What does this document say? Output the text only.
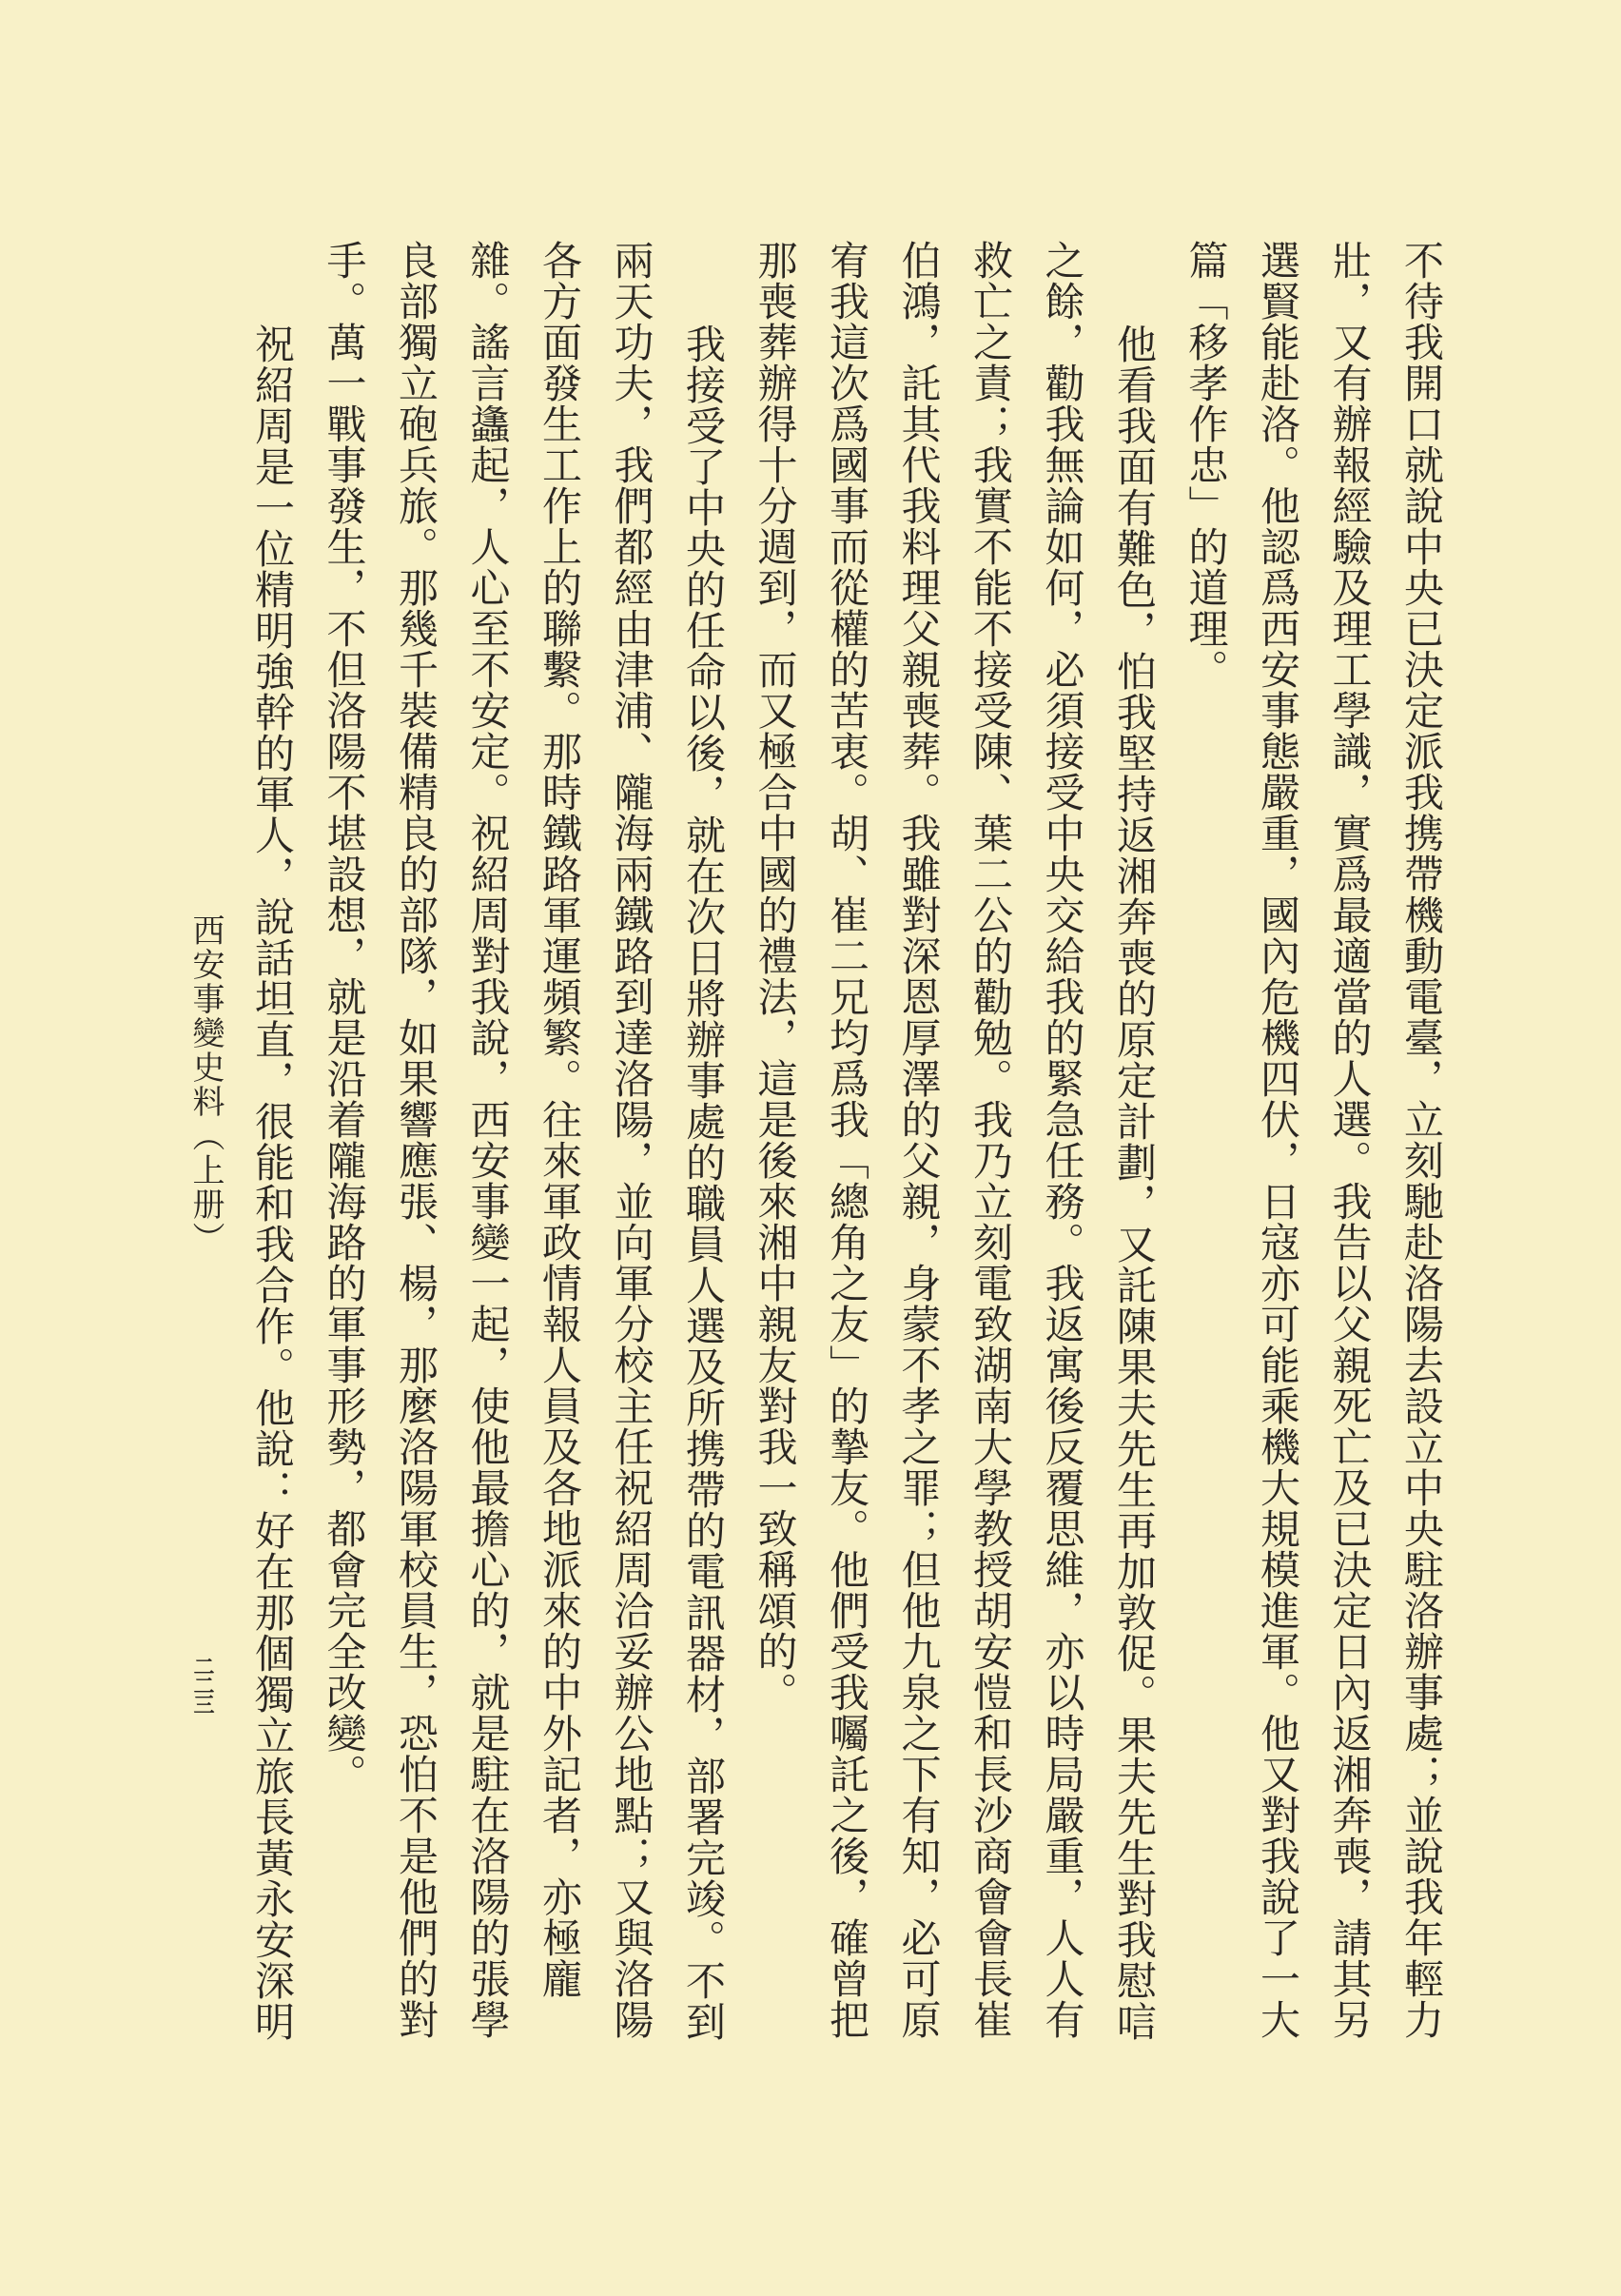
不待我開口就說中央已決定派我携帶機動電臺，立刻馳赴洛陽去設立中央駐洛辦事處；並說我年輕力
壯，又有辦報經驗及理工學識，實爲最適當的人選。我告以父親死亡及已決定日內返湘奔喪，請其另
選賢能赴洛。他認爲西安事態嚴重，國內危機四伏，日寇亦可能乘機大規模進軍。他又對我說了一大
篇「移孝作忠」的道理。
他看我面有難色，怕我堅持返湘奔喪的原定計劃，又託陳果夫先生再加敦促。果夫先生對我慰唁
之餘，勸我無論如何，必須接受中央交給我的緊急任務。我返寓後反覆思維，亦以時局嚴重，人人有
救亡之責；我實不能不接受陳、葉二公的勸勉。我乃立刻電致湖南大學教授胡安愷和長沙商會會長崔
伯鴻，託其代我料理父親喪葬。我雖對深恩厚澤的父親，身蒙不孝之罪；但他九泉之下有知，必可原
宥我這次爲國事而從權的苦衷。胡、崔二兄均爲我「總角之友」的摯友。他們受我囑託之後，確曾把
那喪葬辦得十分週到，而又極合中國的禮法，這是後來湘中親友對我一致稱頌的。
我接受了中央的任命以後，就在次日將辦事處的職員人選及所携帶的電訊器材，部署完竣。不到
兩天功夫，我們都經由津浦、隴海兩鐵路到達洛陽，並向軍分校主任祝紹周洽妥辦公地點；又與洛陽
各方面發生工作上的聯繫。那時鐵路軍運頻繁。往來軍政情報人員及各地派來的中外記者，亦極龐
雜。謠言蠭起，人心至不安定。祝紹周對我說，西安事變一起，使他最擔心的，就是駐在洛陽的張學
良部獨立砲兵旅。那幾千裝備精良的部隊，如果響應張、楊，那麼洛陽軍校員生，恐怕不是他們的對
手。萬一戰事發生，不但洛陽不堪設想，就是沿着隴海路的軍事形勢，都會完全改變。
祝紹周是一位精明強幹的軍人，說話坦直，很能和我合作。他說：好在那個獨立旅長黃永安深明
西安事變史料（上册）
二二三
